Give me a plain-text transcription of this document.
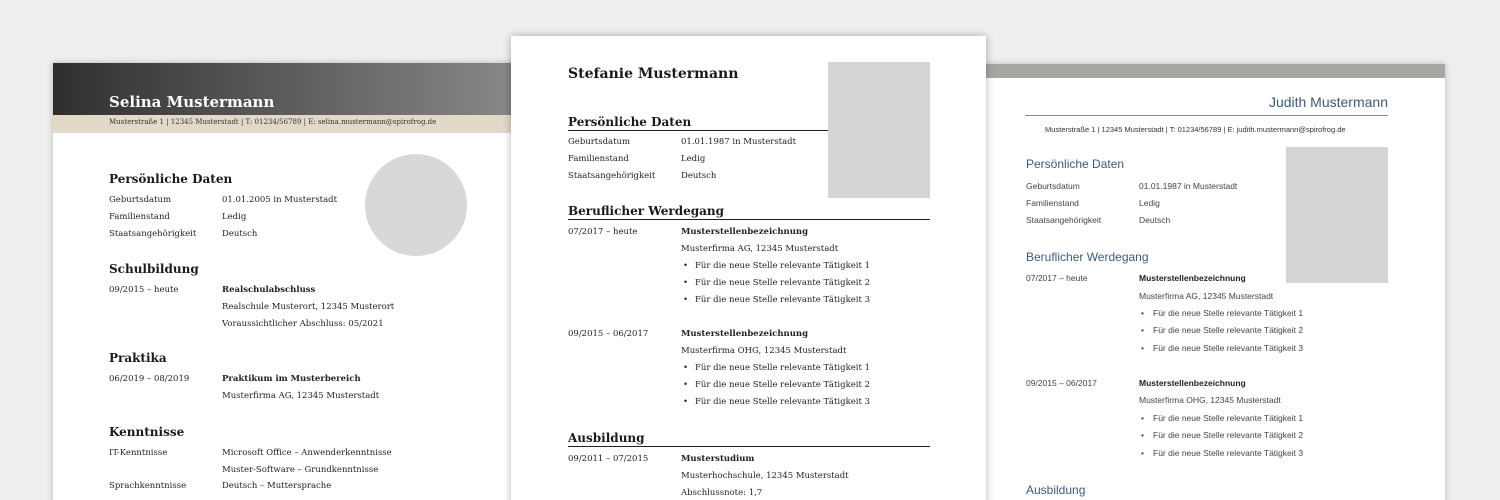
Selina Mustermann
Musterstraße 1 | 12345 Musterstadt | T: 01234/56789 | E: selina.mustermann@spirofrog.de
Persönliche Daten
Geburtsdatum	01.01.2005 in Musterstadt
Familienstand	Ledig
Staatsangehörigkeit	Deutsch
Schulbildung
09/2015 – heute	Realschulabschluss
Realschule Musterort, 12345 Musterort
Voraussichtlicher Abschluss: 05/2021
Praktika
06/2019 – 08/2019	Praktikum im Musterbereich
Musterfirma AG, 12345 Musterstadt
Kenntnisse
IT-Kenntnisse	Microsoft Office – Anwenderkenntnisse
Muster-Software – Grundkenntnisse
Sprachkenntnisse	Deutsch – Muttersprache
Judith Mustermann
Musterstraße 1 | 12345 Musterstadt | T: 01234/56789 | E: judith.mustermann@spirofrog.de
Persönliche Daten
Geburtsdatum	01.01.1987 in Musterstadt
Familienstand	Ledig
Staatsangehörigkeit	Deutsch
Beruflicher Werdegang
07/2017 – heute	Musterstellenbezeichnung
Musterfirma AG, 12345 Musterstadt
• Für die neue Stelle relevante Tätigkeit 1
• Für die neue Stelle relevante Tätigkeit 2
• Für die neue Stelle relevante Tätigkeit 3
09/2015 – 06/2017	Musterstellenbezeichnung
Musterfirma OHG, 12345 Musterstadt
• Für die neue Stelle relevante Tätigkeit 1
• Für die neue Stelle relevante Tätigkeit 2
• Für die neue Stelle relevante Tätigkeit 3
Ausbildung
Stefanie Mustermann
Persönliche Daten
Geburtsdatum	01.01.1987 in Musterstadt
Familienstand	Ledig
Staatsangehörigkeit	Deutsch
Beruflicher Werdegang
07/2017 – heute	Musterstellenbezeichnung
Musterfirma AG, 12345 Musterstadt
• Für die neue Stelle relevante Tätigkeit 1
• Für die neue Stelle relevante Tätigkeit 2
• Für die neue Stelle relevante Tätigkeit 3
09/2015 – 06/2017	Musterstellenbezeichnung
Musterfirma OHG, 12345 Musterstadt
• Für die neue Stelle relevante Tätigkeit 1
• Für die neue Stelle relevante Tätigkeit 2
• Für die neue Stelle relevante Tätigkeit 3
Ausbildung
09/2011 – 07/2015	Musterstudium
Musterhochschule, 12345 Musterstadt
Abschlussnote: 1,7
